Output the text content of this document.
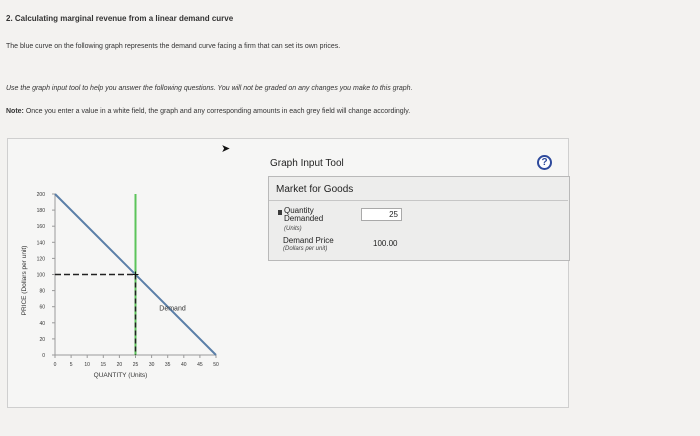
2. Calculating marginal revenue from a linear demand curve
The blue curve on the following graph represents the demand curve facing a firm that can set its own prices.
Use the graph input tool to help you answer the following questions. You will not be graded on any changes you make to this graph.
Note: Once you enter a value in a white field, the graph and any corresponding amounts in each grey field will change accordingly.
0
20
40
60
80
100
120
140
160
180
200
0	5 10 15 20 25 30 35 40 45 50
QUANTITY (Units)
PRICE (Dollars per unit)	Demand
➤
Graph Input Tool	?
Market for Goods
Quantity
Demanded
(Units)
25
Demand Price
(Dollars per unit)
100.00
